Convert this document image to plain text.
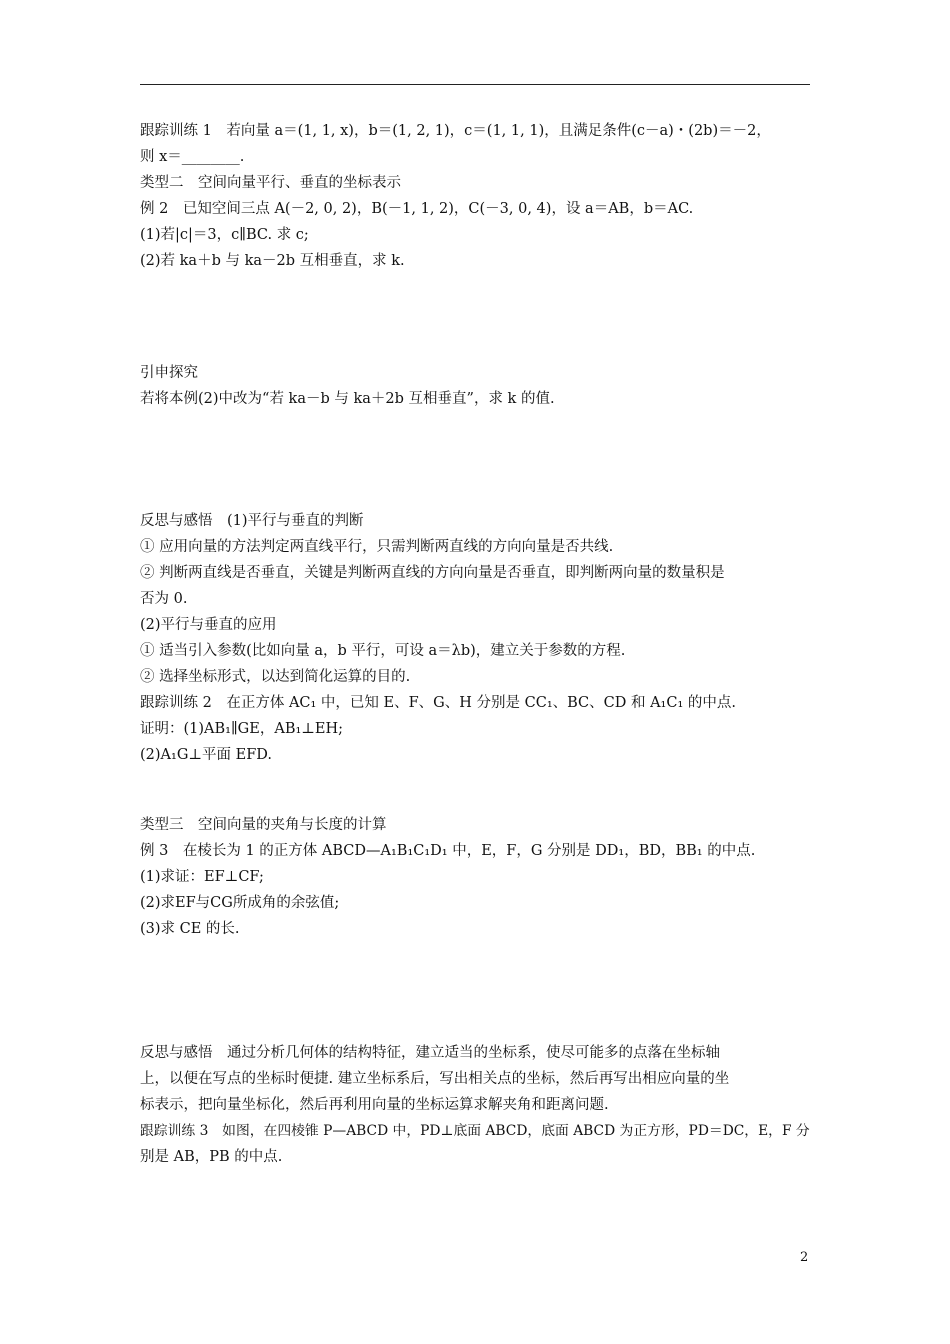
跟踪训练 1　若向量 a＝(1, 1, x)，b＝(1, 2, 1)，c＝(1, 1, 1)，且满足条件(c－a)・(2b)＝－2，
则 x＝________.
类型二　空间向量平行、垂直的坐标表示
例 2　已知空间三点 A(－2, 0, 2)，B(－1, 1, 2)，C(－3, 0, 4)，设 a＝AB，b＝AC.
(1)若|c|＝3，c∥BC. 求 c;
(2)若 ka＋b 与 ka－2b 互相垂直，求 k.
引申探究
若将本例(2)中改为“若 ka－b 与 ka＋2b 互相垂直”，求 k 的值.
反思与感悟　(1)平行与垂直的判断
① 应用向量的方法判定两直线平行，只需判断两直线的方向向量是否共线.
② 判断两直线是否垂直，关键是判断两直线的方向向量是否垂直，即判断两向量的数量积是
否为 0.
(2)平行与垂直的应用
① 适当引入参数(比如向量 a，b 平行，可设 a＝λb)，建立关于参数的方程.
② 选择坐标形式，以达到简化运算的目的.
跟踪训练 2　在正方体 AC₁ 中，已知 E、F、G、H 分别是 CC₁、BC、CD 和 A₁C₁ 的中点.
证明：(1)AB₁∥GE，AB₁⊥EH;
(2)A₁G⊥平面 EFD.
类型三　空间向量的夹角与长度的计算
例 3　在棱长为 1 的正方体 ABCD—A₁B₁C₁D₁ 中，E，F，G 分别是 DD₁，BD，BB₁ 的中点.
(1)求证：EF⊥CF;
(2)求EF与CG所成角的余弦值;
(3)求 CE 的长.
反思与感悟　通过分析几何体的结构特征，建立适当的坐标系，使尽可能多的点落在坐标轴
上，以便在写点的坐标时便捷. 建立坐标系后，写出相关点的坐标，然后再写出相应向量的坐
标表示，把向量坐标化，然后再利用向量的坐标运算求解夹角和距离问题.
跟踪训练 3　如图，在四棱锥 P—ABCD 中，PD⊥底面 ABCD，底面 ABCD 为正方形，PD＝DC，E，F 分
别是 AB，PB 的中点.
2
